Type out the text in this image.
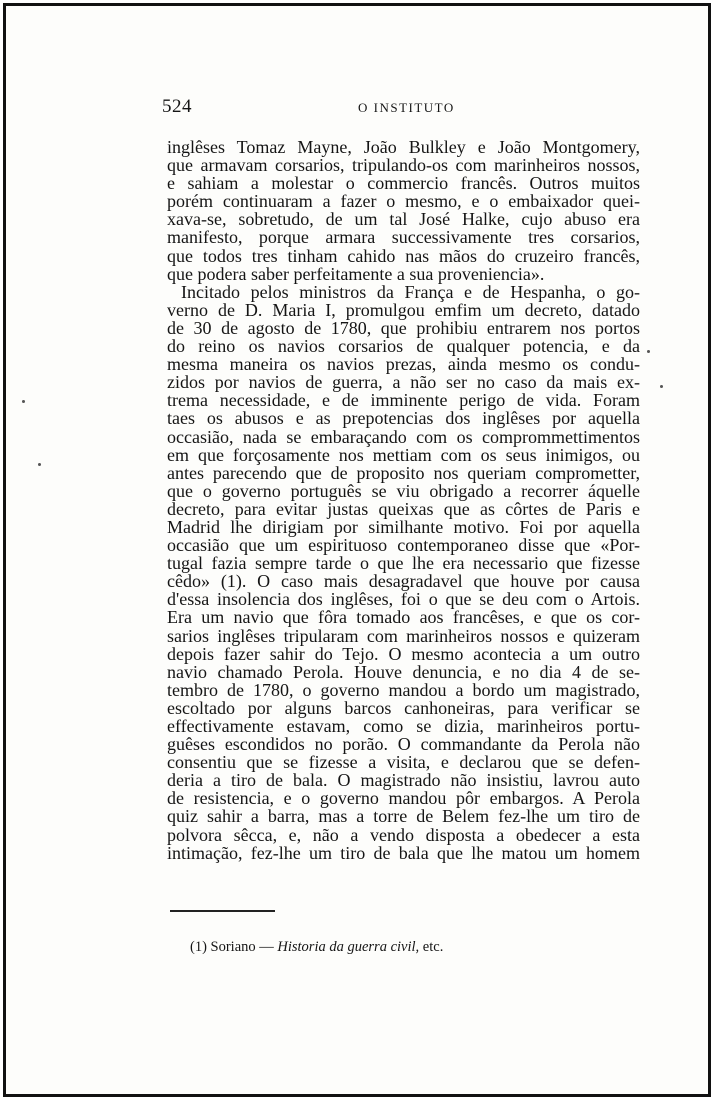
524	O INSTITUTO
inglêses Tomaz Mayne, João Bulkley e João Montgomery,
que armavam corsarios, tripulando-os com marinheiros nossos,
e sahiam a molestar o commercio francês. Outros muitos
porém continuaram a fazer o mesmo, e o embaixador quei-
xava-se, sobretudo, de um tal José Halke, cujo abuso era
manifesto, porque armara successivamente tres corsarios,
que todos tres tinham cahido nas mãos do cruzeiro francês,
que podera saber perfeitamente a sua proveniencia».
Incitado pelos ministros da França e de Hespanha, o go-
verno de D. Maria I, promulgou emfim um decreto, datado
de 30 de agosto de 1780, que prohibiu entrarem nos portos
do reino os navios corsarios de qualquer potencia, e da
mesma maneira os navios prezas, ainda mesmo os condu-
zidos por navios de guerra, a não ser no caso da mais ex-
trema necessidade, e de imminente perigo de vida. Foram
taes os abusos e as prepotencias dos inglêses por aquella
occasião, nada se embaraçando com os comprommettimentos
em que forçosamente nos mettiam com os seus inimigos, ou
antes parecendo que de proposito nos queriam comprometter,
que o governo português se viu obrigado a recorrer áquelle
decreto, para evitar justas queixas que as côrtes de Paris e
Madrid lhe dirigiam por similhante motivo. Foi por aquella
occasião que um espirituoso contemporaneo disse que «Por-
tugal fazia sempre tarde o que lhe era necessario que fizesse
cêdo» (1). O caso mais desagradavel que houve por causa
d'essa insolencia dos inglêses, foi o que se deu com o Artois.
Era um navio que fôra tomado aos francêses, e que os cor-
sarios inglêses tripularam com marinheiros nossos e quizeram
depois fazer sahir do Tejo. O mesmo acontecia a um outro
navio chamado Perola. Houve denuncia, e no dia 4 de se-
tembro de 1780, o governo mandou a bordo um magistrado,
escoltado por alguns barcos canhoneiras, para verificar se
effectivamente estavam, como se dizia, marinheiros portu-
guêses escondidos no porão. O commandante da Perola não
consentiu que se fizesse a visita, e declarou que se defen-
deria a tiro de bala. O magistrado não insistiu, lavrou auto
de resistencia, e o governo mandou pôr embargos. A Perola
quiz sahir a barra, mas a torre de Belem fez-lhe um tiro de
polvora sêcca, e, não a vendo disposta a obedecer a esta
intimação, fez-lhe um tiro de bala que lhe matou um homem
(1) Soriano — Historia da guerra civil, etc.
